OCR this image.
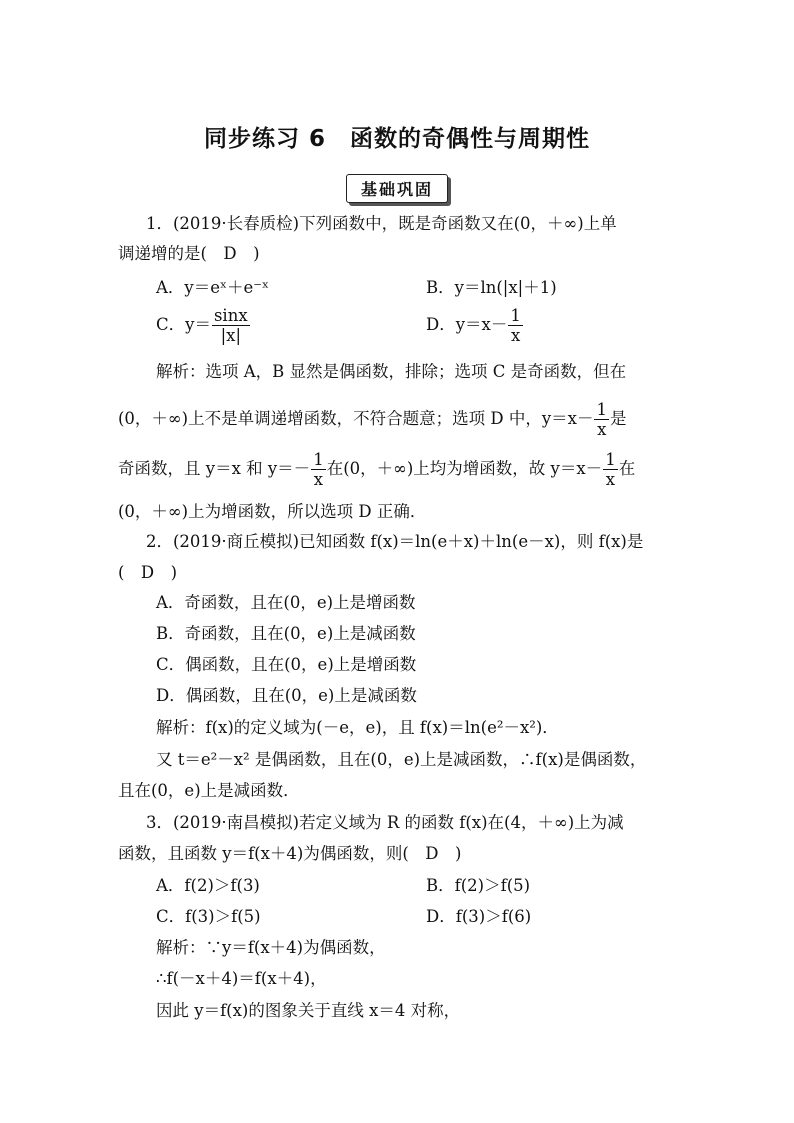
同步练习 6　函数的奇偶性与周期性
基础巩固
1．(2019·长春质检)下列函数中，既是奇函数又在(0，＋∞)上单
调递增的是(　D　)
A．y＝eˣ＋e⁻ˣ	B．y＝ln(|x|＋1)
C．$y= \frac{\sin x}{|x|}$	D．$y=x- \frac{1}{x}$
解析：选项 A，B 显然是偶函数，排除；选项 C 是奇函数，但在
(0，＋∞)上不是单调递增函数，不符合题意；选项 D 中，$y=x- \frac{1}{x}$ 是
奇函数，且 y＝x 和 $y=- \frac{1}{x}$ 在(0，＋∞)上均为增函数，故 $y=x- \frac{1}{x}$ 在
(0，＋∞)上为增函数，所以选项 D 正确．
2．(2019·商丘模拟)已知函数 f(x)＝ln(e＋x)＋ln(e－x)，则 f(x)是
(　D　)
A．奇函数，且在(0，e)上是增函数
B．奇函数，且在(0，e)上是减函数
C．偶函数，且在(0，e)上是增函数
D．偶函数，且在(0，e)上是减函数
解析：f(x)的定义域为(－e，e)，且 f(x)＝ln(e²－x²)．
又 t＝e²－x² 是偶函数，且在(0，e)上是减函数，∴f(x)是偶函数，
且在(0，e)上是减函数．
3．(2019·南昌模拟)若定义域为 R 的函数 f(x)在(4，＋∞)上为减
函数，且函数 y＝f(x＋4)为偶函数，则(　D　)
A．f(2)＞f(3)	B．f(2)＞f(5)
C．f(3)＞f(5)	D．f(3)＞f(6)
解析：∵y＝f(x＋4)为偶函数，
∴f(－x＋4)＝f(x＋4)，
因此 y＝f(x)的图象关于直线 x＝4 对称，
